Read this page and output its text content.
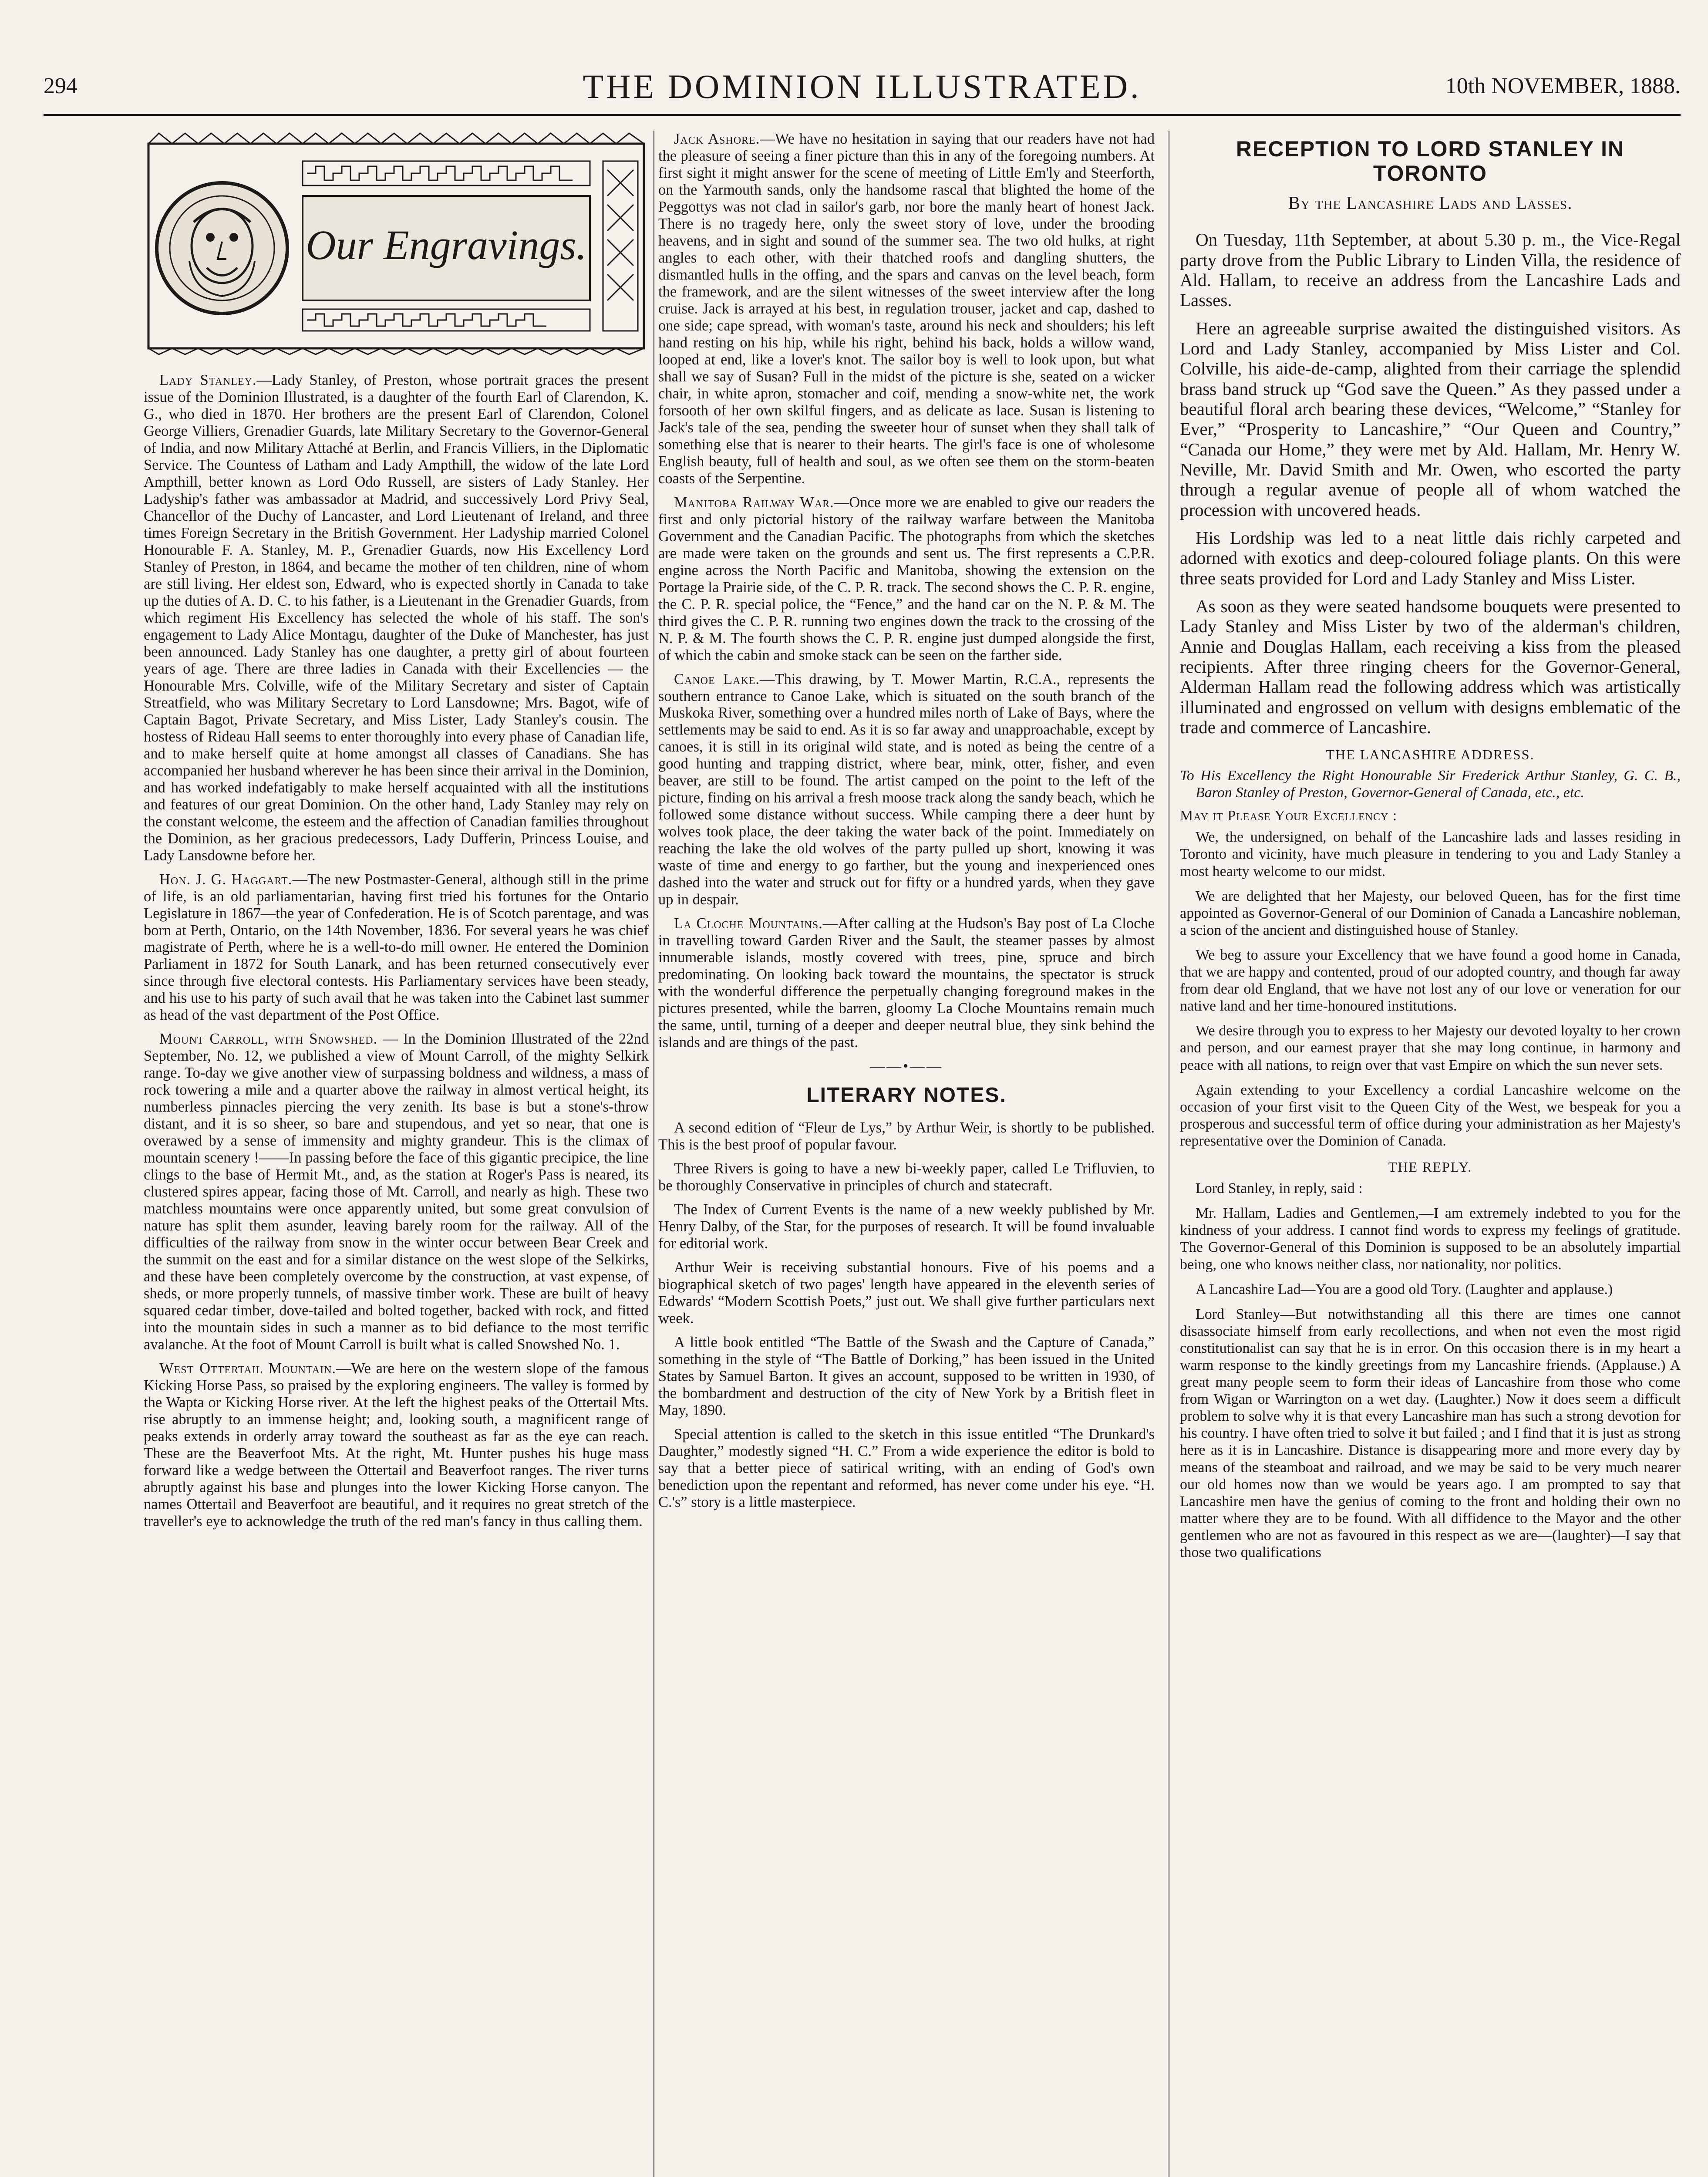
294	THE DOMINION ILLUSTRATED.	10th NOVEMBER, 1888.
Our Engravings.

Lady Stanley.—Lady Stanley, of Preston, whose portrait graces the present issue of the Dominion Illustrated, is a daughter of the fourth Earl of Clarendon, K. G., who died in 1870. Her brothers are the present Earl of Clarendon, Colonel George Villiers, Grenadier Guards, late Military Secretary to the Governor-General of India, and now Military Attaché at Berlin, and Francis Villiers, in the Diplomatic Service. The Countess of Latham and Lady Ampthill, the widow of the late Lord Ampthill, better known as Lord Odo Russell, are sisters of Lady Stanley. Her Ladyship's father was ambassador at Madrid, and successively Lord Privy Seal, Chancellor of the Duchy of Lancaster, and Lord Lieutenant of Ireland, and three times Foreign Secretary in the British Government. Her Ladyship married Colonel Honourable F. A. Stanley, M. P., Grenadier Guards, now His Excellency Lord Stanley of Preston, in 1864, and became the mother of ten children, nine of whom are still living. Her eldest son, Edward, who is expected shortly in Canada to take up the duties of A. D. C. to his father, is a Lieutenant in the Grenadier Guards, from which regiment His Excellency has selected the whole of his staff. The son's engagement to Lady Alice Montagu, daughter of the Duke of Manchester, has just been announced. Lady Stanley has one daughter, a pretty girl of about fourteen years of age. There are three ladies in Canada with their Excellencies — the Honourable Mrs. Colville, wife of the Military Secretary and sister of Captain Streatfield, who was Military Secretary to Lord Lansdowne; Mrs. Bagot, wife of Captain Bagot, Private Secretary, and Miss Lister, Lady Stanley's cousin. The hostess of Rideau Hall seems to enter thoroughly into every phase of Canadian life, and to make herself quite at home amongst all classes of Canadians. She has accompanied her husband wherever he has been since their arrival in the Dominion, and has worked indefatigably to make herself acquainted with all the institutions and features of our great Dominion. On the other hand, Lady Stanley may rely on the constant welcome, the esteem and the affection of Canadian families throughout the Dominion, as her gracious predecessors, Lady Dufferin, Princess Louise, and Lady Lansdowne before her.

Hon. J. G. Haggart.—The new Postmaster-General, although still in the prime of life, is an old parliamentarian, having first tried his fortunes for the Ontario Legislature in 1867—the year of Confederation. He is of Scotch parentage, and was born at Perth, Ontario, on the 14th November, 1836. For several years he was chief magistrate of Perth, where he is a well-to-do mill owner. He entered the Dominion Parliament in 1872 for South Lanark, and has been returned consecutively ever since through five electoral contests. His Parliamentary services have been steady, and his use to his party of such avail that he was taken into the Cabinet last summer as head of the vast department of the Post Office.

Mount Carroll, with Snowshed. — In the Dominion Illustrated of the 22nd September, No. 12, we published a view of Mount Carroll, of the mighty Selkirk range. To-day we give another view of surpassing boldness and wildness, a mass of rock towering a mile and a quarter above the railway in almost vertical height, its numberless pinnacles piercing the very zenith. Its base is but a stone's-throw distant, and it is so sheer, so bare and stupendous, and yet so near, that one is overawed by a sense of immensity and mighty grandeur. This is the climax of mountain scenery !——In passing before the face of this gigantic precipice, the line clings to the base of Hermit Mt., and, as the station at Roger's Pass is neared, its clustered spires appear, facing those of Mt. Carroll, and nearly as high. These two matchless mountains were once apparently united, but some great convulsion of nature has split them asunder, leaving barely room for the railway. All of the difficulties of the railway from snow in the winter occur between Bear Creek and the summit on the east and for a similar distance on the west slope of the Selkirks, and these have been completely overcome by the construction, at vast expense, of sheds, or more properly tunnels, of massive timber work. These are built of heavy squared cedar timber, dove-tailed and bolted together, backed with rock, and fitted into the mountain sides in such a manner as to bid defiance to the most terrific avalanche. At the foot of Mount Carroll is built what is called Snowshed No. 1.

West Ottertail Mountain.—We are here on the western slope of the famous Kicking Horse Pass, so praised by the exploring engineers. The valley is formed by the Wapta or Kicking Horse river. At the left the highest peaks of the Ottertail Mts. rise abruptly to an immense height; and, looking south, a magnificent range of peaks extends in orderly array toward the southeast as far as the eye can reach. These are the Beaverfoot Mts. At the right, Mt. Hunter pushes his huge mass forward like a wedge between the Ottertail and Beaverfoot ranges. The river turns abruptly against his base and plunges into the lower Kicking Horse canyon. The names Ottertail and Beaverfoot are beautiful, and it requires no great stretch of the traveller's eye to acknowledge the truth of the red man's fancy in thus calling them.

Jack Ashore.—We have no hesitation in saying that our readers have not had the pleasure of seeing a finer picture than this in any of the foregoing numbers. At first sight it might answer for the scene of meeting of Little Em'ly and Steerforth, on the Yarmouth sands, only the handsome rascal that blighted the home of the Peggottys was not clad in sailor's garb, nor bore the manly heart of honest Jack. There is no tragedy here, only the sweet story of love, under the brooding heavens, and in sight and sound of the summer sea. The two old hulks, at right angles to each other, with their thatched roofs and dangling shutters, the dismantled hulls in the offing, and the spars and canvas on the level beach, form the framework, and are the silent witnesses of the sweet interview after the long cruise. Jack is arrayed at his best, in regulation trouser, jacket and cap, dashed to one side; cape spread, with woman's taste, around his neck and shoulders; his left hand resting on his hip, while his right, behind his back, holds a willow wand, looped at end, like a lover's knot. The sailor boy is well to look upon, but what shall we say of Susan? Full in the midst of the picture is she, seated on a wicker chair, in white apron, stomacher and coif, mending a snow-white net, the work forsooth of her own skilful fingers, and as delicate as lace. Susan is listening to Jack's tale of the sea, pending the sweeter hour of sunset when they shall talk of something else that is nearer to their hearts. The girl's face is one of wholesome English beauty, full of health and soul, as we often see them on the storm-beaten coasts of the Serpentine.

Manitoba Railway War.—Once more we are enabled to give our readers the first and only pictorial history of the railway warfare between the Manitoba Government and the Canadian Pacific. The photographs from which the sketches are made were taken on the grounds and sent us. The first represents a C.P.R. engine across the North Pacific and Manitoba, showing the extension on the Portage la Prairie side, of the C. P. R. track. The second shows the C. P. R. engine, the C. P. R. special police, the “Fence,” and the hand car on the N. P. & M. The third gives the C. P. R. running two engines down the track to the crossing of the N. P. & M. The fourth shows the C. P. R. engine just dumped alongside the first, of which the cabin and smoke stack can be seen on the farther side.

Canoe Lake.—This drawing, by T. Mower Martin, R.C.A., represents the southern entrance to Canoe Lake, which is situated on the south branch of the Muskoka River, something over a hundred miles north of Lake of Bays, where the settlements may be said to end. As it is so far away and unapproachable, except by canoes, it is still in its original wild state, and is noted as being the centre of a good hunting and trapping district, where bear, mink, otter, fisher, and even beaver, are still to be found. The artist camped on the point to the left of the picture, finding on his arrival a fresh moose track along the sandy beach, which he followed some distance without success. While camping there a deer hunt by wolves took place, the deer taking the water back of the point. Immediately on reaching the lake the old wolves of the party pulled up short, knowing it was waste of time and energy to go farther, but the young and inexperienced ones dashed into the water and struck out for fifty or a hundred yards, when they gave up in despair.

La Cloche Mountains.—After calling at the Hudson's Bay post of La Cloche in travelling toward Garden River and the Sault, the steamer passes by almost innumerable islands, mostly covered with trees, pine, spruce and birch predominating. On looking back toward the mountains, the spectator is struck with the wonderful difference the perpetually changing foreground makes in the pictures presented, while the barren, gloomy La Cloche Mountains remain much the same, until, turning of a deeper and deeper neutral blue, they sink behind the islands and are things of the past.

——•——
LITERARY NOTES.

A second edition of “Fleur de Lys,” by Arthur Weir, is shortly to be published. This is the best proof of popular favour.

Three Rivers is going to have a new bi-weekly paper, called Le Trifluvien, to be thoroughly Conservative in principles of church and statecraft.

The Index of Current Events is the name of a new weekly published by Mr. Henry Dalby, of the Star, for the purposes of research. It will be found invaluable for editorial work.

Arthur Weir is receiving substantial honours. Five of his poems and a biographical sketch of two pages' length have appeared in the eleventh series of Edwards' “Modern Scottish Poets,” just out. We shall give further particulars next week.

A little book entitled “The Battle of the Swash and the Capture of Canada,” something in the style of “The Battle of Dorking,” has been issued in the United States by Samuel Barton. It gives an account, supposed to be written in 1930, of the bombardment and destruction of the city of New York by a British fleet in May, 1890.

Special attention is called to the sketch in this issue entitled “The Drunkard's Daughter,” modestly signed “H. C.” From a wide experience the editor is bold to say that a better piece of satirical writing, with an ending of God's own benediction upon the repentant and reformed, has never come under his eye. “H. C.'s” story is a little masterpiece.

RECEPTION TO LORD STANLEY IN TORONTO
By the Lancashire Lads and Lasses.

On Tuesday, 11th September, at about 5.30 p. m., the Vice-Regal party drove from the Public Library to Linden Villa, the residence of Ald. Hallam, to receive an address from the Lancashire Lads and Lasses.

Here an agreeable surprise awaited the distinguished visitors. As Lord and Lady Stanley, accompanied by Miss Lister and Col. Colville, his aide-de-camp, alighted from their carriage the splendid brass band struck up “God save the Queen.” As they passed under a beautiful floral arch bearing these devices, “Welcome,” “Stanley for Ever,” “Prosperity to Lancashire,” “Our Queen and Country,” “Canada our Home,” they were met by Ald. Hallam, Mr. Henry W. Neville, Mr. David Smith and Mr. Owen, who escorted the party through a regular avenue of people all of whom watched the procession with uncovered heads.

His Lordship was led to a neat little dais richly carpeted and adorned with exotics and deep-coloured foliage plants. On this were three seats provided for Lord and Lady Stanley and Miss Lister.

As soon as they were seated handsome bouquets were presented to Lady Stanley and Miss Lister by two of the alderman's children, Annie and Douglas Hallam, each receiving a kiss from the pleased recipients. After three ringing cheers for the Governor-General, Alderman Hallam read the following address which was artistically illuminated and engrossed on vellum with designs emblematic of the trade and commerce of Lancashire.

THE LANCASHIRE ADDRESS.

To His Excellency the Right Honourable Sir Frederick Arthur Stanley, G. C. B., Baron Stanley of Preston, Governor-General of Canada, etc., etc.

May it Please Your Excellency :

We, the undersigned, on behalf of the Lancashire lads and lasses residing in Toronto and vicinity, have much pleasure in tendering to you and Lady Stanley a most hearty welcome to our midst.

We are delighted that her Majesty, our beloved Queen, has for the first time appointed as Governor-General of our Dominion of Canada a Lancashire nobleman, a scion of the ancient and distinguished house of Stanley.

We beg to assure your Excellency that we have found a good home in Canada, that we are happy and contented, proud of our adopted country, and though far away from dear old England, that we have not lost any of our love or veneration for our native land and her time-honoured institutions.

We desire through you to express to her Majesty our devoted loyalty to her crown and person, and our earnest prayer that she may long continue, in harmony and peace with all nations, to reign over that vast Empire on which the sun never sets.

Again extending to your Excellency a cordial Lancashire welcome on the occasion of your first visit to the Queen City of the West, we bespeak for you a prosperous and successful term of office during your administration as her Majesty's representative over the Dominion of Canada.

THE REPLY.

Lord Stanley, in reply, said :

Mr. Hallam, Ladies and Gentlemen,—I am extremely indebted to you for the kindness of your address. I cannot find words to express my feelings of gratitude. The Governor-General of this Dominion is supposed to be an absolutely impartial being, one who knows neither class, nor nationality, nor politics.

A Lancashire Lad—You are a good old Tory. (Laughter and applause.)

Lord Stanley—But notwithstanding all this there are times one cannot disassociate himself from early recollections, and when not even the most rigid constitutionalist can say that he is in error. On this occasion there is in my heart a warm response to the kindly greetings from my Lancashire friends. (Applause.) A great many people seem to form their ideas of Lancashire from those who come from Wigan or Warrington on a wet day. (Laughter.) Now it does seem a difficult problem to solve why it is that every Lancashire man has such a strong devotion for his country. I have often tried to solve it but failed ; and I find that it is just as strong here as it is in Lancashire. Distance is disappearing more and more every day by means of the steamboat and railroad, and we may be said to be very much nearer our old homes now than we would be years ago. I am prompted to say that Lancashire men have the genius of coming to the front and holding their own no matter where they are to be found. With all diffidence to the Mayor and the other gentlemen who are not as favoured in this respect as we are—(laughter)—I say that those two qualifications
